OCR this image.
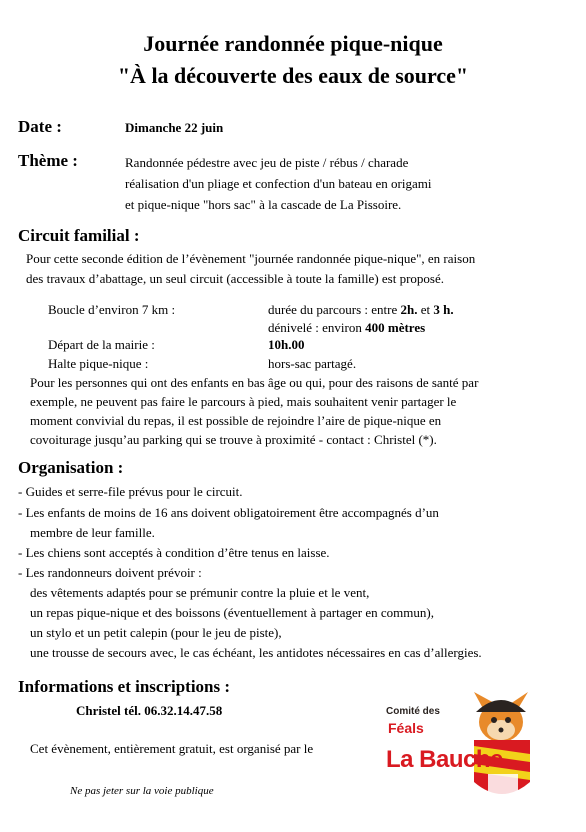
Journée randonnée pique-nique
"À la découverte des eaux de source"
Date :	Dimanche 22 juin
Thème :	Randonnée pédestre avec jeu de piste / rébus / charade
réalisation d'un pliage et confection d'un bateau en origami
et pique-nique "hors sac" à la cascade de La Pissoire.
Circuit familial :
Pour cette seconde édition de l’évènement "journée randonnée pique-nique", en raison
des travaux d’abattage, un seul circuit (accessible à toute la famille) est proposé.
Boucle d’environ 7 km :	durée du parcours : entre 2h. et 3 h.
dénivelé : environ 400 mètres
Départ de la mairie :	10h.00
Halte pique-nique :	hors-sac partagé.
Pour les personnes qui ont des enfants en bas âge ou qui, pour des raisons de santé par
exemple, ne peuvent pas faire le parcours à pied, mais souhaitent venir partager le
moment convivial du repas, il est possible de rejoindre l’aire de pique-nique en
covoiturage jusqu’au parking qui se trouve à proximité - contact : Christel (*).
Organisation :
- Guides et serre-file prévus pour le circuit.
- Les enfants de moins de 16 ans doivent obligatoirement être accompagnés d’un
membre de leur famille.
- Les chiens sont acceptés à condition d’être tenus en laisse.
- Les randonneurs doivent prévoir :
des vêtements adaptés pour se prémunir contre la pluie et le vent,
un repas pique-nique et des boissons (éventuellement à partager en commun),
un stylo et un petit calepin (pour le jeu de piste),
une trousse de secours avec, le cas échéant, les antidotes nécessaires en cas d’allergies.
Informations et inscriptions :
Christel tél. 06.32.14.47.58
Cet évènement, entièrement gratuit, est organisé par le
Ne pas jeter sur la voie publique
Comité des
Féals
La Bauche
